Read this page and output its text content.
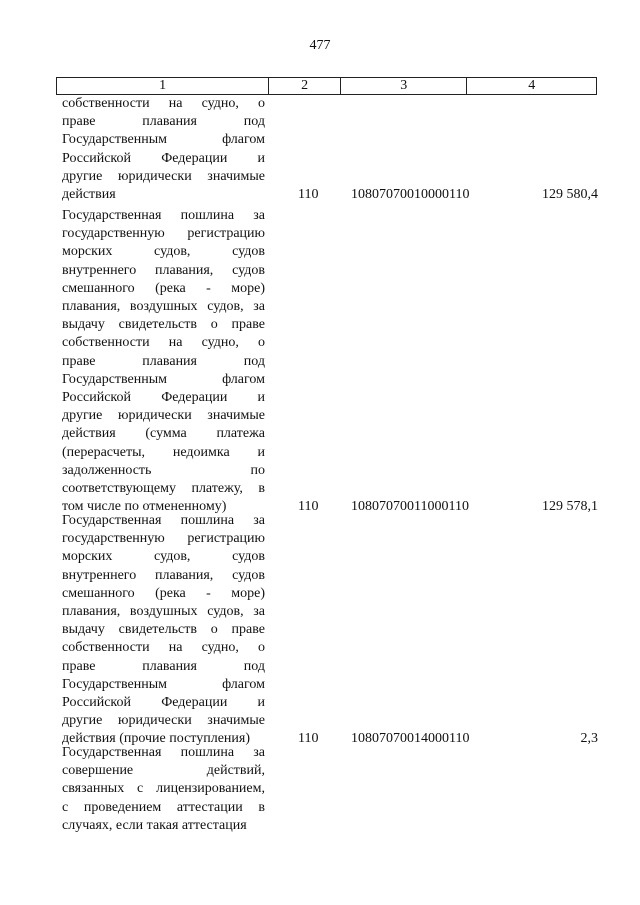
477
1	2	3	4
собственности на судно, о
праве плавания под
Государственным флагом
Российской Федерации и
другие юридически значимые
действия	110 10807070010000110	129 580,4
Государственная пошлина за
государственную регистрацию
морских судов, судов
внутреннего плавания, судов
смешанного (река - море)
плавания, воздушных судов, за
выдачу свидетельств о праве
собственности на судно, о
праве плавания под
Государственным флагом
Российской Федерации и
другие юридически значимые
действия (сумма платежа
(перерасчеты, недоимка и
задолженность по
соответствующему платежу, в
том числе по отмененному)	110 10807070011000110	129 578,1
Государственная пошлина за
государственную регистрацию
морских судов, судов
внутреннего плавания, судов
смешанного (река - море)
плавания, воздушных судов, за
выдачу свидетельств о праве
собственности на судно, о
праве плавания под
Государственным флагом
Российской Федерации и
другие юридически значимые
действия (прочие поступления)	110 10807070014000110	2,3
Государственная пошлина за
совершение действий,
связанных с лицензированием,
с проведением аттестации в
случаях, если такая аттестация
